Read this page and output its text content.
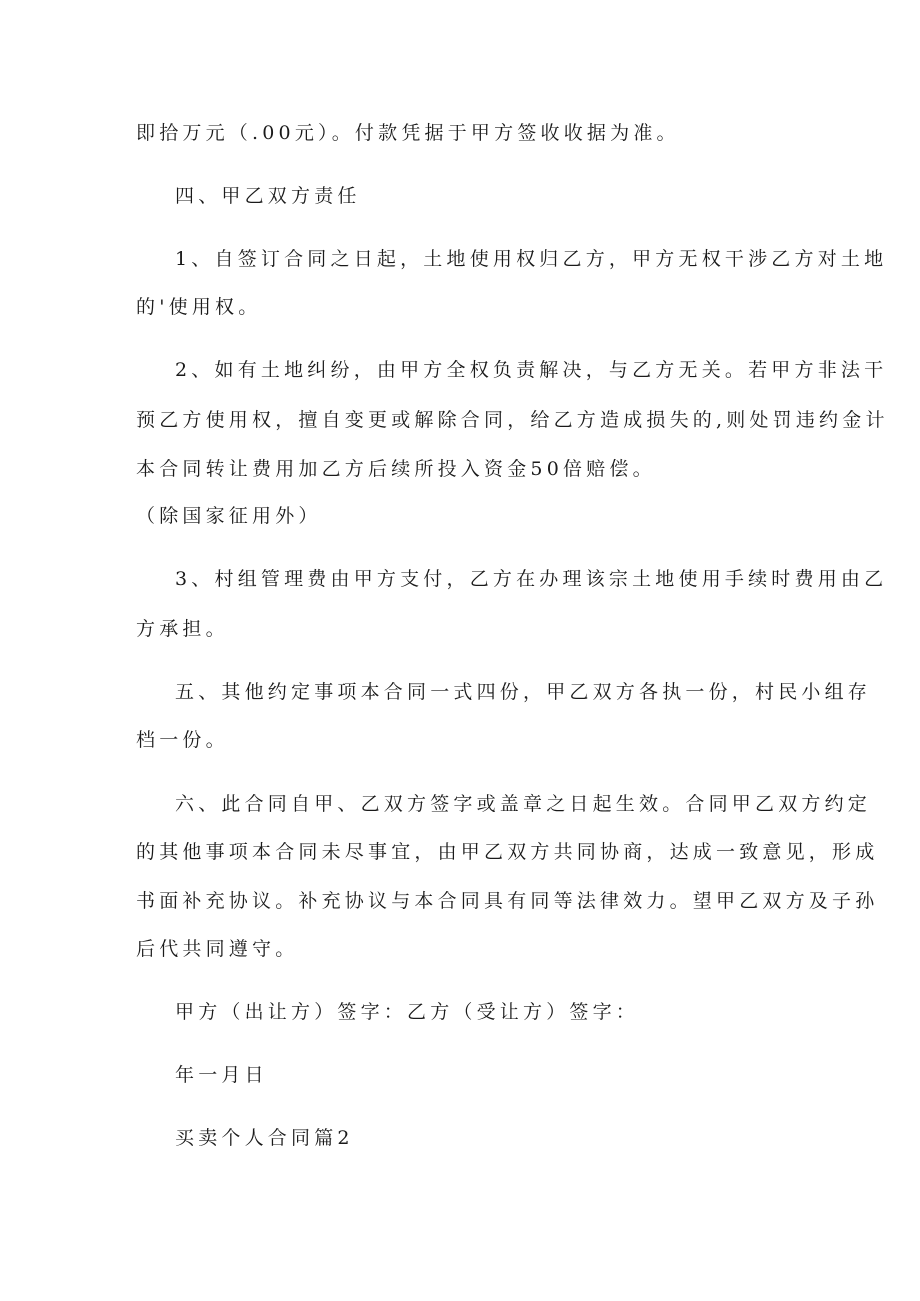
即拾万元（.00元）。付款凭据于甲方签收收据为准。
四、甲乙双方责任
1、自签订合同之日起，土地使用权归乙方，甲方无权干涉乙方对土地
的'使用权。
2、如有土地纠纷，由甲方全权负责解决，与乙方无关。若甲方非法干
预乙方使用权，擅自变更或解除合同，给乙方造成损失的,则处罚违约金计
本合同转让费用加乙方后续所投入资金50倍赔偿。
（除国家征用外）
3、村组管理费由甲方支付，乙方在办理该宗土地使用手续时费用由乙
方承担。
五、其他约定事项本合同一式四份，甲乙双方各执一份，村民小组存
档一份。
六、此合同自甲、乙双方签字或盖章之日起生效。合同甲乙双方约定
的其他事项本合同未尽事宜，由甲乙双方共同协商，达成一致意见，形成
书面补充协议。补充协议与本合同具有同等法律效力。望甲乙双方及子孙
后代共同遵守。
甲方（出让方）签字：乙方（受让方）签字：
年一月日
买卖个人合同篇2
